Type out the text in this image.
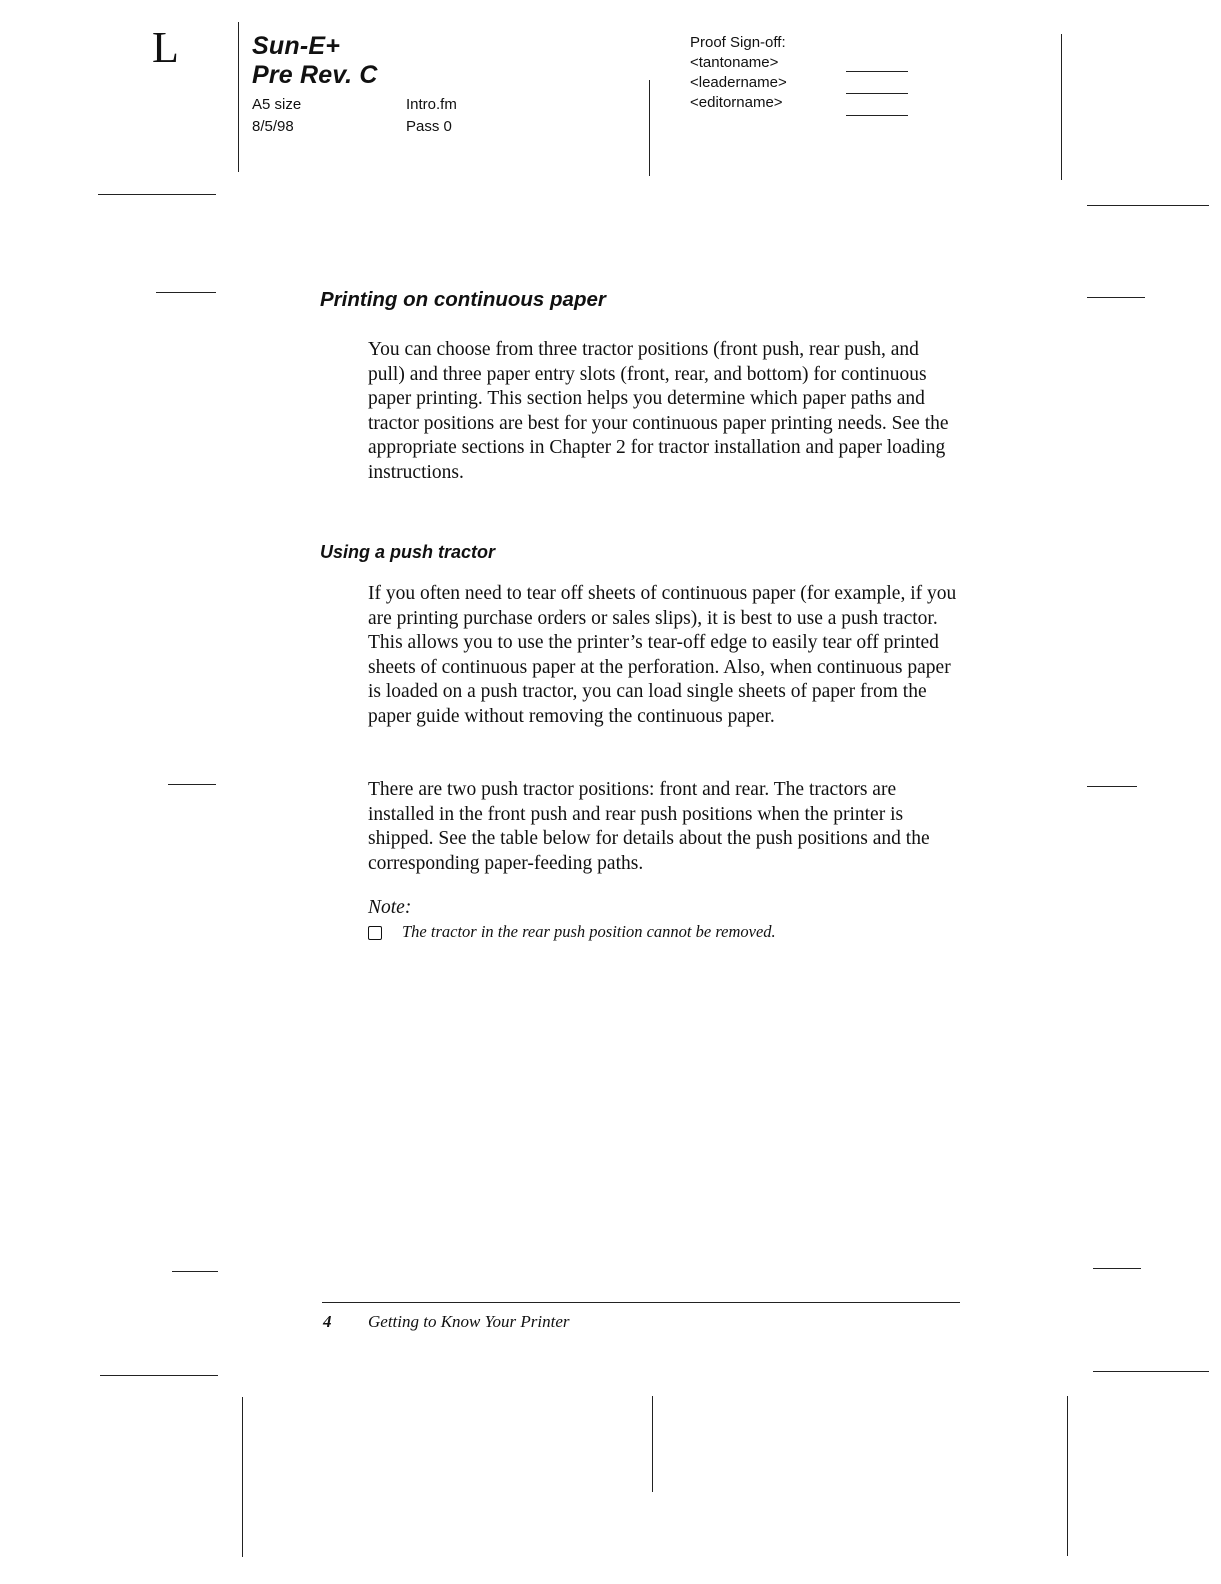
L	Sun-E+
Pre Rev. C
A5 size
8/5/98
Intro.fm
Pass 0
Proof Sign-off:
<tantoname>
<leadername>
<editorname>
Printing on continuous paper

You can choose from three tractor positions (front push, rear push, and pull) and three paper entry slots (front, rear, and bottom) for continuous paper printing. This section helps you determine which paper paths and tractor positions are best for your continuous paper printing needs. See the appropriate sections in Chapter 2 for tractor installation and paper loading instructions.

Using a push tractor

If you often need to tear off sheets of continuous paper (for example, if you are printing purchase orders or sales slips), it is best to use a push tractor. This allows you to use the printer’s tear-off edge to easily tear off printed sheets of continuous paper at the perforation. Also, when continuous paper is loaded on a push tractor, you can load single sheets of paper from the paper guide without removing the continuous paper.

There are two push tractor positions: front and rear. The tractors are installed in the front push and rear push positions when the printer is shipped. See the table below for details about the push positions and the corresponding paper-feeding paths.

Note:
The tractor in the rear push position cannot be removed.
4 Getting to Know Your Printer
